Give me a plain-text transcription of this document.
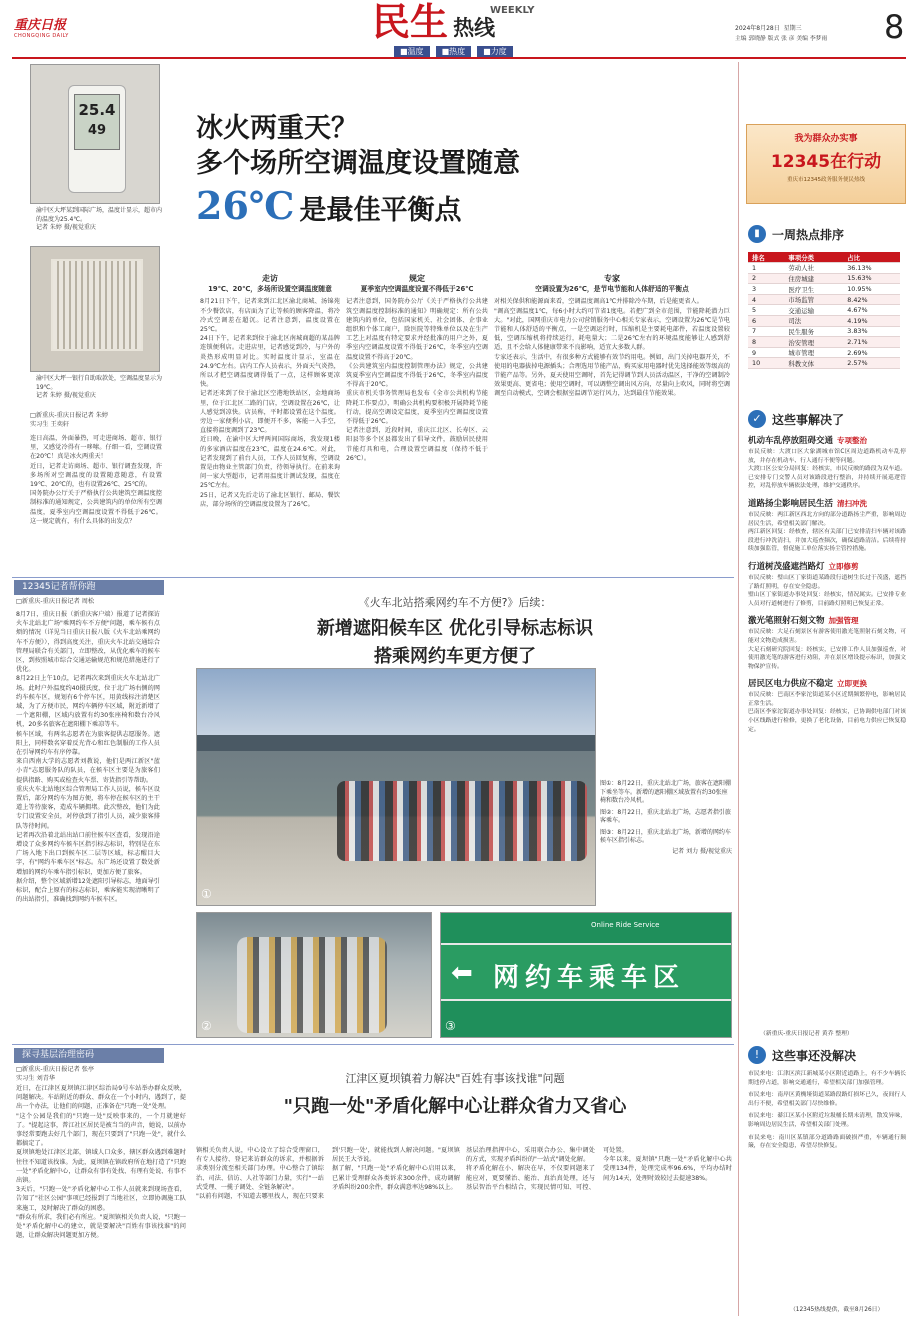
重庆日报
CHONGQING DAILY	民生 热线
WEEKLY
■温度	■热度	■力度
2024年8月28日 星期三
主编 郭晓静 版式 张 彦 美编 李梦雨 8
25.4
49
渝中区大坪某到国际广场，温度计显示，超市内的温度为25.4℃。
记者 朱婷 摄/视觉重庆
渝中区大坪一银行自助取款处，空调温度显示为19℃。
记者 朱婷 摄/视觉重庆
□新重庆-重庆日报记者 朱婷
实习生 王奕轩
连日高温，外面暴热，可走进商场、超市、银行里，又感觉冷得有一哆嗦。仔细一看，空调设置在20℃！真是冰火两重天！
近日，记者走访商场、超市、银行调查发现，许多场所对空调温度的设置随意随意，有设置19℃、20℃的，也有设置26℃、25℃的。
国务院办公厅关于严格执行公共建筑空调温度控制标准的通知规定，公共建筑内的单位所有空调温度，夏季室内空调温度设置不得低于26℃。这一规定就有，有什么具体的出发点？
冰火两重天？
多个场所空调温度设置随意
26℃ 是最佳平衡点
走访
19℃、20℃，多场所设置空调温度随意
8月21日下午，记者来到江北区渝北商城、汤锦苑不少餐饮店，有店面为了让等候的顾客降温，将冷冷式空调差在超沉。记者注意到，温度设置在25℃。
24日下午，记者来到位于渝北区南城商超的某品牌连锁便利店。走进店里，记者感觉到冷，与户外的炎热形成明显对比。实时温度计显示，室温在24.9℃左右。店内工作人员表示，外面天气炎热，所以才把空调温度调得低了一点，这样顾客更凉快。
记者还来到了位于渝北区空港地铁站区，金地商场里，位于江北区二路的门店，空调设置在26℃，让人感觉到凉快。店员称，平时都设置在这个温度。旁边一家便利小店，即便开不多，客能一入手空，直接将温度调到了23℃。
近日晚，在渝中区大坪两间国际商场，我发现1楼的多家酒店温度在23℃，温度在24.6℃。对此，记者发现到了前台人员，工作人员回复称，空调设置是由物业主管部门负责，待领导执行。在前来询问一家大型超市，记者用温度计测试发现，温度在25℃左右。
25日，记者又先后走访了渝北区银行、邮局、餐饮店，部分场所的空调温度设置为了26℃。
规定
夏季室内空调温度设置不得低于26℃
记者注意到，国务院办公厅《关于严格执行公共建筑空调温度控制标准的通知》明确规定：所有公共建筑内的单位，包括国家机关、社会团体、企事业组织和个体工商户，除医院等特殊单位以及在生产工艺上对温度有特定要求并经批准的用户之外，夏季室内空调温度设置不得低于26℃，冬季室内空调温度设置不得高于20℃。
《公共建筑室内温度控制管理办法》规定，公共建筑夏季室内空调温度不得低于26℃，冬季室内温度不得高于20℃。
重庆市机关事务管理局也发布《全市公共机构节能降耗工作要点》，明确公共机构要积极开展降耗节能行动，提高空调设定温度，夏季室内空调温度设置不得低于26℃。
记者注意到，近段时间，重庆江北区、长寿区、云阳县等多个区县都发出了倡导文件，鼓励居民使用节能灯具和电，合理设置空调温度（保持不低于26℃）。
专家
空调设置为26℃，是节电节能和人体舒适的平衡点
对相关保供和能源面来看，空调温度调高1℃并排除冷车期，后是能更省人。
"调高空调温度1℃，每6小时大约可节省1度电。若把广到全市范围，节能降耗潜力巨大。"对此，国网重庆市电力公司营销服务中心相关专家表示，空调设置为26℃是节电节能和人体舒适的平衡点，一是空调运行时，压缩机是主要耗电部件，若温度设置较低，空调压缩机将持续运行，耗电量大；二是26℃左右的环境温度能够让人感到舒适，且不会给人体健康带来不良影响，适宜大多数人群。
专家还表示，生活中，有很多种方式能够有效节约用电。例如，出门关掉电器开关，不使用的电器拔掉电源插头；合理选用节能产品，购买家用电器时优先选择能效等级高的节能产品等。另外，夏天使用空调时，首先记得调节到人员活动温区，干净的空调制冷效果更高、更省电；使用空调时，可以调整空调出风方向，尽量向上吹风，同时将空调调至自动模式，空调会根据室温调节运行风力，达到最佳节能效果。
12345记者帮你跑
□新重庆-重庆日报记者 周松
8月7日，重庆日报（新重庆客户端）报道了记者探访火车北站北广场"乘网约车不方便"问题，乘车候有点烦的情况（详见当日重庆日报八版《火车北站乘网约车不方便》），得到高度关注，重庆火车北站交通综合管理局联合有关部门，立即整改，从优化乘车的候车区，到按照城市综合交通运输规范和规范措施进行了优化。
8月22日上午10点，记者再次来到重庆火车北站北广场。此时户外温度约40摄氏度，位于北广场右侧的网约车候车区，规划有6个停车区，用黄线标注清楚区域，为了方便市民，网约车辆停车区域，附近新增了一个遮阳棚，区域内放置有约30张座椅和数台冷风机，20多名旅客在遮阳棚下乘凉等车。
候车区域，有两名志愿者在为旅客提供志愿服务。遮阳上，同样数名穿着反光背心和红色制服的工作人员在引导网约车有序停靠。
来自西南大学的志愿者刘教说，他们是两江新区"蓝小青"志愿服务队的队员，在候车区主要是为旅客们提供指路、购买或检查火车票、寄货指引等帮助。
重庆火车北站地区综合管理局工作人员说，候车区设置后，部分网约车为图方便，将车停在候车区的主干道上等待旅客，造成车辆拥堵。此次整改，他们为此专门设置安全员，对停放到了指引人员，减少旅客排队等待时间。
记者再次沿着北站出站口前往候车区查看，发现沿途增设了众多网约车候车区指引标志标识，特别是在东广场入地下出口到候车区二层等区域，标志醒目大字，有"网约车乘车区"标志。东广场还设置了数处新增加的网约车乘车指引标识，更加方便了旅客。
据介绍，整个区域新增12处遮阳引导标志，地面导引标识，配合上原有的标志标识，乘客能实现清晰明了的出站指引，准确找到网约车候车区。
《火车北站搭乘网约车不方便?》后续：
新增遮阳候车区 优化引导标志标识
搭乘网约车更方便了
①
图①：8月22日，重庆北站北广场，旅客在遮阳棚下乘坐等车。新增的遮阳棚区域放置有约30张座椅和数台冷风机。
图②：8月22日，重庆北站北广场，志愿者指引旅客乘车。
图③：8月22日，重庆北站北广场，新增的网约车候车区指引标志。
记者 刘力 摄/视觉重庆
②
⬅ 网约车乘车区
Online Ride Service
③
探寻基层治理密码
□新重庆-重庆日报记者 张亭
实习生 刘青华	江津区夏坝镇着力解决"百姓有事该找谁"问题
"只跑一处"矛盾化解中心让群众省力又省心
近日，在江津区夏坝镇江津区综治局9号车站举办群众反映，问题解决。车站附近的群众、群众在一个小时内，遇到了，提出一个办法，让他们的问题，正准备在"只跑一处"处理。
"这个公园是我们的"只跑一处"反映事来的，一个月就建好了。"提起这事，普江社区居民是被当当的声音，她说，以前办事经常要跑去好几个部门，现在只要到了"只跑一处"，就什么都搞定了。
夏坝镇地处江津区北部，镇域人口众多，辖区群众遇到难题时往往不知道该找谁。为此，夏坝镇在镇政府所在地打造了"只跑一处"矛盾化解中心，让群众有事有处找、有理有处说、有事不出镇。
3天后，"只跑一处"矛盾化解中心工作人员就来到现场查看，告知了"社区公园"事项已经报到了当地社区，立即协调施工队来施工，及时解决了群众的困惑。
"群众有所求，我们必有所应。"夏坝镇相关负责人说，"只跑一处"矛盾化解中心的建立，就是要解决"百姓有事该找谁"的问题，让群众解决问题更加方便。
镇相关负责人说，中心设立了综合受理窗口，有专人接待、登记来访群众的诉求，并根据诉求类别分流至相关部门办理。中心整合了镇综治、司法、信访、人社等部门力量，实行"一站式受理、一揽子调处、全链条解决"。
"以前有问题，不知道去哪里找人，现在只要来到'只跑一处'，就能找到人解决问题。"夏坝镇居民王大爷说。
据了解，"只跑一处"矛盾化解中心启用以来，已累计受理群众各类诉求300余件，成功调解矛盾纠纷200余件，群众满意率达98%以上。
基层治理指挥中心，采用联合办公、集中调处的方式，实现矛盾纠纷的"一站式"调处化解。
将矛盾化解在小、解决在早，不仅要问题来了能应对，更要懂治、能治、真治真处理，还与基层智治平台相结合，实现民情可知、可控、可处置。
今年以来，夏坝镇"只跑一处"矛盾化解中心共受理134件，处理完成率96.6%，平均办结时间为14天，处理时效较过去提速38%。
我为群众办实事
12345在行动
重庆市12345政务服务便民热线
▮	一周热点排序
排名	事项分类	占比
1	劳动人社	36.13%
2	住房城建	15.63%
3	医疗卫生	10.95%
4	市场监管	8.42%
5	交通运输	4.67%
6	司法	4.19%
7	民生服务	3.83%
8	治安管理	2.71%
9	城市管理	2.69%
10	科教文体	2.57%
✓ 这些事解决了
机动车乱停放阻碍交通 专项整治
市民反映：大渡口区大象湖城市馆C区周边道路机动车乱停放，并存在机动车、行人通行不便等问题。
大渡口区公安分局回复：经核实，市民反映的路段为双车道。已安排专门交警人员对该路段进行整治，并持续开展巡逻管控，对乱停放车辆依法处理，维护交通秩序。
道路扬尘影响居民生活 清扫冲洗
市民反映：两江新区西北方向的部分道路扬尘严重，影响周边居民生活，希望相关部门解决。
两江新区回复：经核查，辖区有关部门已安排清扫车辆对该路段进行冲洗清扫，并加大巡查频次，确保道路清洁。后续将持续加强监管，督促施工单位落实扬尘管控措施。
行道树茂盛遮挡路灯 立即修剪
市民反映：璧山区丁家街道某路段行道树生长过于茂盛，遮挡了路灯照明，存在安全隐患。
璧山区丁家街道办事处回复：经核实，情况属实。已安排专业人员对行道树进行了修剪，目前路灯照明已恢复正常。
激光笔照射石刻文物 加强管理
市民反映：大足石刻景区有游客使用激光笔照射石刻文物，可能对文物造成损害。
大足石刻研究院回复：经核实，已安排工作人员加强巡查，对使用激光笔的游客进行劝阻，并在景区增设提示标识，加强文物保护宣传。
居民区电力供应不稳定 立即更换
市民反映：巴南区李家沱街道某小区近期频繁停电，影响居民正常生活。
巴南区李家沱街道办事处回复：经核实，已协调供电部门对该小区线路进行检修，更换了老化设备，目前电力供应已恢复稳定。
（新重庆-重庆日报记者 黄乔 整理）
!	这些事还没解决
市民来电：江津区滨江新城某小区附近道路上，有不少车辆长期违停占道，影响交通通行，希望相关部门加强管理。
市民来电：南岸区黄桷垭街道某路段路灯损坏已久，夜间行人出行不便，希望相关部门尽快维修。
市民来电：綦江区某小区附近垃圾桶长期未清理，散发异味，影响周边居民生活，希望相关部门处理。
市民来电：南川区某镇部分道路路面破损严重，车辆通行颠簸，存在安全隐患，希望尽快修复。
（12345热线提供，截至8月26日）
